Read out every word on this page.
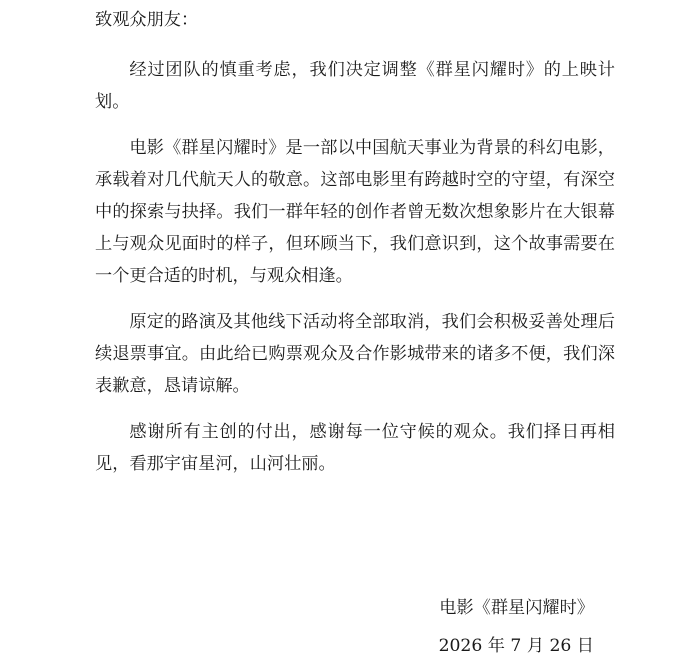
致观众朋友：

经过团队的慎重考虑，我们决定调整《群星闪耀时》的上映计划。

电影《群星闪耀时》是一部以中国航天事业为背景的科幻电影，承载着对几代航天人的敬意。这部电影里有跨越时空的守望，有深空中的探索与抉择。我们一群年轻的创作者曾无数次想象影片在大银幕上与观众见面时的样子，但环顾当下，我们意识到，这个故事需要在一个更合适的时机，与观众相逢。

原定的路演及其他线下活动将全部取消，我们会积极妥善处理后续退票事宜。由此给已购票观众及合作影城带来的诸多不便，我们深表歉意，恳请谅解。

感谢所有主创的付出，感谢每一位守候的观众。我们择日再相见，看那宇宙星河，山河壮丽。

电影《群星闪耀时》
2026 年 7 月 26 日
